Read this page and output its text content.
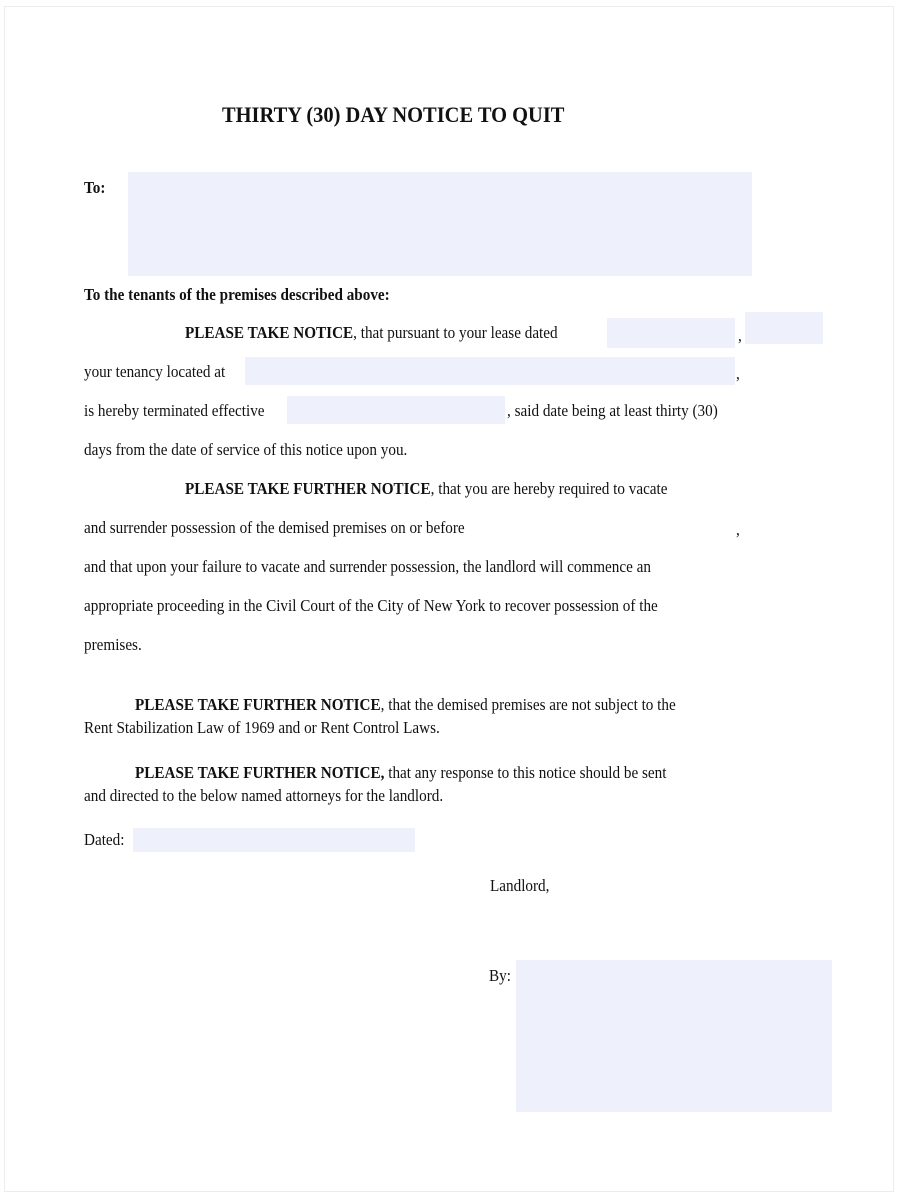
THIRTY (30) DAY NOTICE TO QUIT
To:
To the tenants of the premises described above:
PLEASE TAKE NOTICE, that pursuant to your lease dated	,
your tenancy located at	,
is hereby terminated effective	, said date being at least thirty (30)
days from the date of service of this notice upon you.
PLEASE TAKE FURTHER NOTICE, that you are hereby required to vacate
and surrender possession of the demised premises on or before	,
and that upon your failure to vacate and surrender possession, the landlord will commence an
appropriate proceeding in the Civil Court of the City of New York to recover possession of the
premises.
PLEASE TAKE FURTHER NOTICE, that the demised premises are not subject to the
Rent Stabilization Law of 1969 and or Rent Control Laws.
PLEASE TAKE FURTHER NOTICE, that any response to this notice should be sent
and directed to the below named attorneys for the landlord.
Dated:
Landlord,
By:
